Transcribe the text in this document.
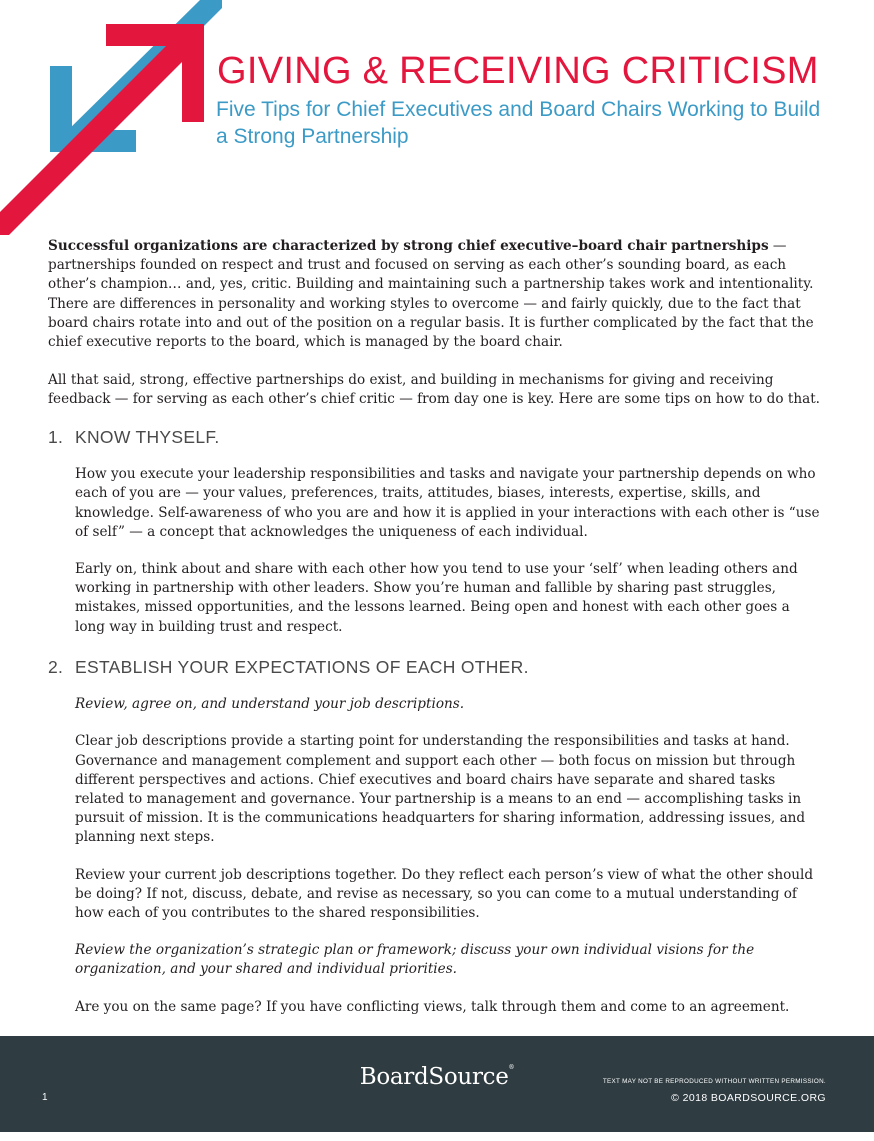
GIVING & RECEIVING CRITICISM

Five Tips for Chief Executives and Board Chairs Working to Build a Strong Partnership

Successful organizations are characterized by strong chief executive–board chair partnerships — partnerships founded on respect and trust and focused on serving as each other’s sounding board, as each other’s champion… and, yes, critic. Building and maintaining such a partnership takes work and intentionality. There are differences in personality and working styles to overcome — and fairly quickly, due to the fact that board chairs rotate into and out of the position on a regular basis. It is further complicated by the fact that the chief executive reports to the board, which is managed by the board chair.

All that said, strong, effective partnerships do exist, and building in mechanisms for giving and receiving feedback — for serving as each other’s chief critic — from day one is key. Here are some tips on how to do that.

1. KNOW THYSELF.

How you execute your leadership responsibilities and tasks and navigate your partnership depends on who each of you are — your values, preferences, traits, attitudes, biases, interests, expertise, skills, and knowledge. Self-awareness of who you are and how it is applied in your interactions with each other is “use of self” — a concept that acknowledges the uniqueness of each individual.

Early on, think about and share with each other how you tend to use your ‘self’ when leading others and working in partnership with other leaders. Show you’re human and fallible by sharing past struggles, mistakes, missed opportunities, and the lessons learned. Being open and honest with each other goes a long way in building trust and respect.

2. ESTABLISH YOUR EXPECTATIONS OF EACH OTHER.

Review, agree on, and understand your job descriptions.

Clear job descriptions provide a starting point for understanding the responsibilities and tasks at hand. Governance and management complement and support each other — both focus on mission but through different perspectives and actions. Chief executives and board chairs have separate and shared tasks related to management and governance. Your partnership is a means to an end — accomplishing tasks in pursuit of mission. It is the communications headquarters for sharing information, addressing issues, and planning next steps.

Review your current job descriptions together. Do they reflect each person’s view of what the other should be doing? If not, discuss, debate, and revise as necessary, so you can come to a mutual understanding of how each of you contributes to the shared responsibilities.

Review the organization’s strategic plan or framework; discuss your own individual visions for the organization, and your shared and individual priorities.

Are you on the same page? If you have conflicting views, talk through them and come to an agreement.

BoardSource®
1
TEXT MAY NOT BE REPRODUCED WITHOUT WRITTEN PERMISSION.
© 2018 BOARDSOURCE.ORG
